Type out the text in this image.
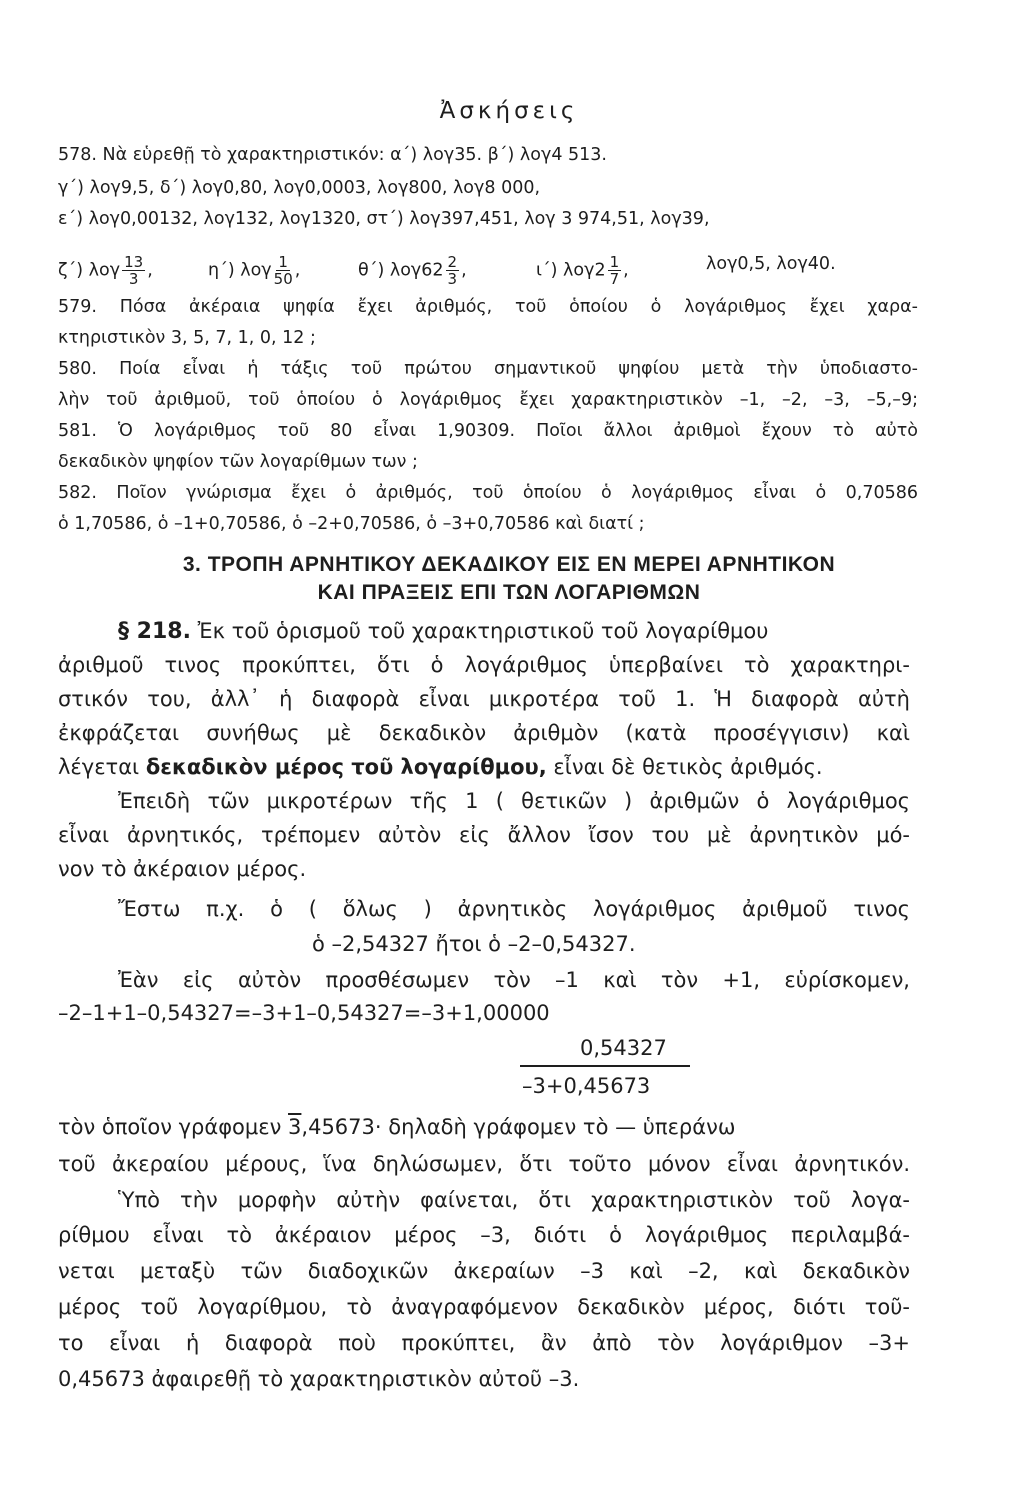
Ἀσκήσεις
578. Νὰ εὑρεθῇ τὸ χαρακτηριστικόν: α΄) λογ35. β΄) λογ4 513.
γ΄) λογ9,5, δ΄) λογ0,80, λογ0,0003, λογ800, λογ8 000,
ε΄) λογ0,00132, λογ132, λογ1320, στ΄) λογ397,451, λογ 3 974,51, λογ39,
ζ΄) λογ $\frac{13}{3}$ ,	η΄) λογ $\frac{1}{50}$ ,	θ΄) $\lambda o\gamma 62 \frac{2}{3}$ ,	ι΄) $\lambda o\gamma 2 \frac{1}{7}$ ,	λογ0,5, λογ40.
579. Πόσα ἀκέραια ψηφία ἔχει ἀριθμός, τοῦ ὁποίου ὁ λογάριθμος ἔχει χαρα-
κτηριστικὸν 3, 5, 7, 1, 0, 12 ;
580. Ποία εἶναι ἡ τάξις τοῦ πρώτου σημαντικοῦ ψηφίου μετὰ τὴν ὑποδιαστο-
λὴν τοῦ ἀριθμοῦ, τοῦ ὁποίου ὁ λογάριθμος ἔχει χαρακτηριστικὸν –1, –2, –3, –5,–9;
581. Ὁ λογάριθμος τοῦ 80 εἶναι 1,90309. Ποῖοι ἄλλοι ἀριθμοὶ ἔχουν τὸ αὐτὸ
δεκαδικὸν ψηφίον τῶν λογαρίθμων των ;
582. Ποῖον γνώρισμα ἔχει ὁ ἀριθμός, τοῦ ὁποίου ὁ λογάριθμος εἶναι ὁ 0,70586
ὁ 1,70586, ὁ –1+0,70586, ὁ –2+0,70586, ὁ –3+0,70586 καὶ διατί ;
3. ΤΡΟΠΗ ΑΡΝΗΤΙΚΟΥ ΔΕΚΑΔΙΚΟΥ ΕΙΣ ΕΝ ΜΕΡΕΙ ΑΡΝΗΤΙΚΟΝ
ΚΑΙ ΠΡΑΞΕΙΣ ΕΠΙ ΤΩΝ ΛΟΓΑΡΙΘΜΩΝ
§ 218. Ἐκ τοῦ ὁρισμοῦ τοῦ χαρακτηριστικοῦ τοῦ λογαρίθμου
ἀριθμοῦ τινος προκύπτει, ὅτι ὁ λογάριθμος ὑπερβαίνει τὸ χαρακτηρι-
στικόν του, ἀλλ᾽ ἡ διαφορὰ εἶναι μικροτέρα τοῦ 1. Ἡ διαφορὰ αὐτὴ
ἐκφράζεται συνήθως μὲ δεκαδικὸν ἀριθμὸν (κατὰ προσέγγισιν) καὶ
λέγεται δεκαδικὸν μέρος τοῦ λογαρίθμου, εἶναι δὲ θετικὸς ἀριθμός.
Ἐπειδὴ τῶν μικροτέρων τῆς 1 ( θετικῶν ) ἀριθμῶν ὁ λογάριθμος
εἶναι ἀρνητικός, τρέπομεν αὐτὸν εἰς ἄλλον ἴσον του μὲ ἀρνητικὸν μό-
νον τὸ ἀκέραιον μέρος.
Ἔστω π.χ. ὁ ( ὅλως ) ἀρνητικὸς λογάριθμος ἀριθμοῦ τινος
ὁ –2,54327 ἤτοι ὁ –2–0,54327.
Ἐὰν εἰς αὐτὸν προσθέσωμεν τὸν –1 καὶ τὸν +1, εὑρίσκομεν,
–2–1+1–0,54327=–3+1–0,54327=–3+1,00000
0,54327
–3+0,45673
τὸν ὁποῖον γράφομεν 3,45673· δηλαδὴ γράφομεν τὸ — ὑπεράνω
τοῦ ἀκεραίου μέρους, ἵνα δηλώσωμεν, ὅτι τοῦτο μόνον εἶναι ἀρνητικόν.
Ὑπὸ τὴν μορφὴν αὐτὴν φαίνεται, ὅτι χαρακτηριστικὸν τοῦ λογα-
ρίθμου εἶναι τὸ ἀκέραιον μέρος –3, διότι ὁ λογάριθμος περιλαμβά-
νεται μεταξὺ τῶν διαδοχικῶν ἀκεραίων –3 καὶ –2, καὶ δεκαδικὸν
μέρος τοῦ λογαρίθμου, τὸ ἀναγραφόμενον δεκαδικὸν μέρος, διότι τοῦ-
το εἶναι ἡ διαφορὰ ποὺ προκύπτει, ἂν ἀπὸ τὸν λογάριθμον –3+
0,45673 ἀφαιρεθῇ τὸ χαρακτηριστικὸν αὐτοῦ –3.
